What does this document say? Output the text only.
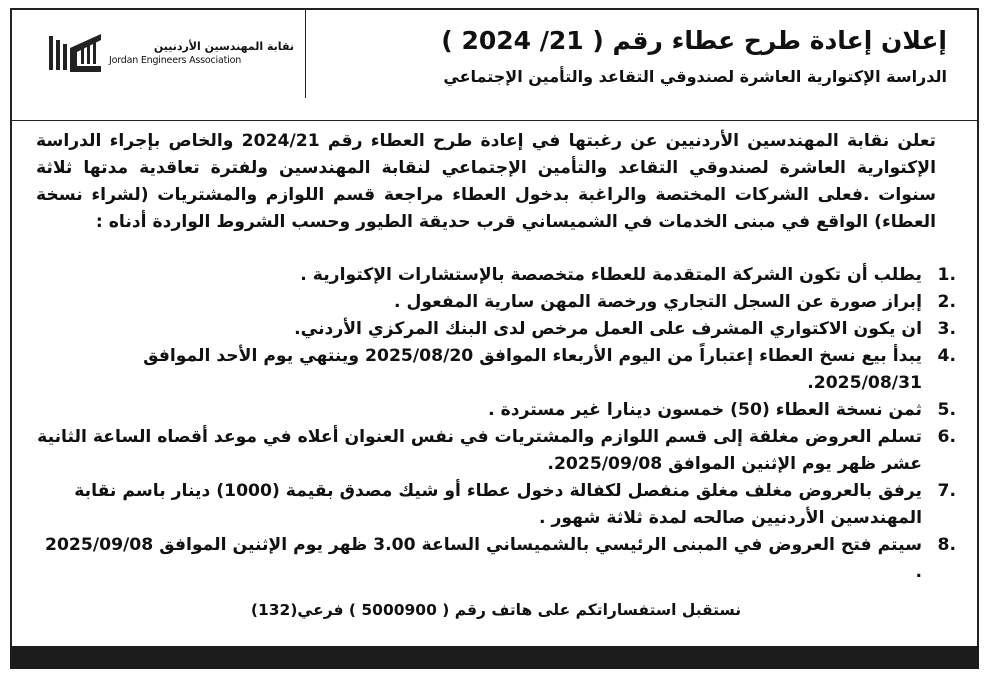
نقابة المهندسين الأردنيين
Jordan Engineers Association
إعلان إعادة طرح عطاء رقم ( 21/ 2024 )
الدراسة الإكتوارية العاشرة لصندوقي التقاعد والتأمين الإجتماعي
تعلن نقابة المهندسين الأردنيين عن رغبتها في إعادة طرح العطاء رقم 2024/21 والخاص بإجراء الدراسة الإكتوارية العاشرة لصندوقي التقاعد والتأمين الإجتماعي لنقابة المهندسين ولفترة تعاقدية مدتها ثلاثة سنوات .فعلى الشركات المختصة والراغبة بدخول العطاء مراجعة قسم اللوازم والمشتريات (لشراء نسخة العطاء) الواقع في مبنى الخدمات في الشميساني قرب حديقة الطيور وحسب الشروط الواردة أدناه :
1.
يطلب أن تكون الشركة المتقدمة للعطاء متخصصة بالإستشارات الإكتوارية .
2.
إبراز صورة عن السجل التجاري ورخصة المهن سارية المفعول .
3.
ان يكون الاكتواري المشرف على العمل مرخص لدى البنك المركزي الأردني.
4.
يبدأ بيع نسخ العطاء إعتباراً من اليوم الأربعاء الموافق 2025/08/20 وينتهي يوم الأحد الموافق 2025/08/31.
5.
ثمن نسخة العطاء (50) خمسون دينارا غير مستردة .
6.
تسلم العروض مغلقة إلى قسم اللوازم والمشتريات في نفس العنوان أعلاه في موعد أقصاه الساعة الثانية عشر ظهر يوم الإثنين الموافق 2025/09/08.
7.
يرفق بالعروض مغلف مغلق منفصل لكفالة دخول عطاء أو شيك مصدق بقيمة (1000) دينار باسم نقابة المهندسين الأردنيين صالحه لمدة ثلاثة شهور .
8.
سيتم فتح العروض في المبنى الرئيسي بالشميساني الساعة 3.00 ظهر يوم الإثنين الموافق 2025/09/08 .
نستقبل استفساراتكم على هاتف رقم ( 5000900 ) فرعي(132)
